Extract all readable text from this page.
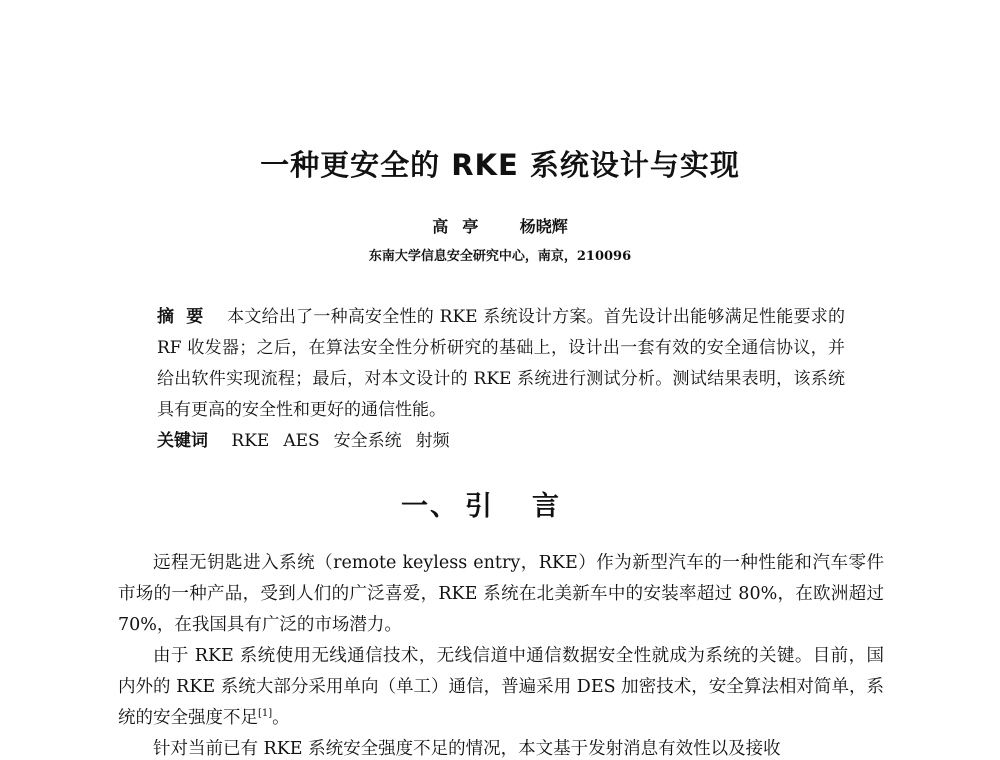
一种更安全的 RKE 系统设计与实现
高亭 杨晓辉
东南大学信息安全研究中心，南京，210096

摘要 本文给出了一种高安全性的 RKE 系统设计方案。首先设计出能够满足性能要求的 RF 收发器；之后，在算法安全性分析研究的基础上，设计出一套有效的安全通信协议，并给出软件实现流程；最后，对本文设计的 RKE 系统进行测试分析。测试结果表明，该系统具有更高的安全性和更好的通信性能。

关键词 RKE AES 安全系统 射频

一、 引言

远程无钥匙进入系统（remote keyless entry，RKE）作为新型汽车的一种性能和汽车零件市场的一种产品，受到人们的广泛喜爱，RKE 系统在北美新车中的安装率超过 80%，在欧洲超过 70%，在我国具有广泛的市场潜力。

由于 RKE 系统使用无线通信技术，无线信道中通信数据安全性就成为系统的关键。目前，国内外的 RKE 系统大部分采用单向（单工）通信，普遍采用 DES 加密技术，安全算法相对简单，系统的安全强度不足[1]。

针对当前已有 RKE 系统安全强度不足的情况，本文基于发射消息有效性以及接收
